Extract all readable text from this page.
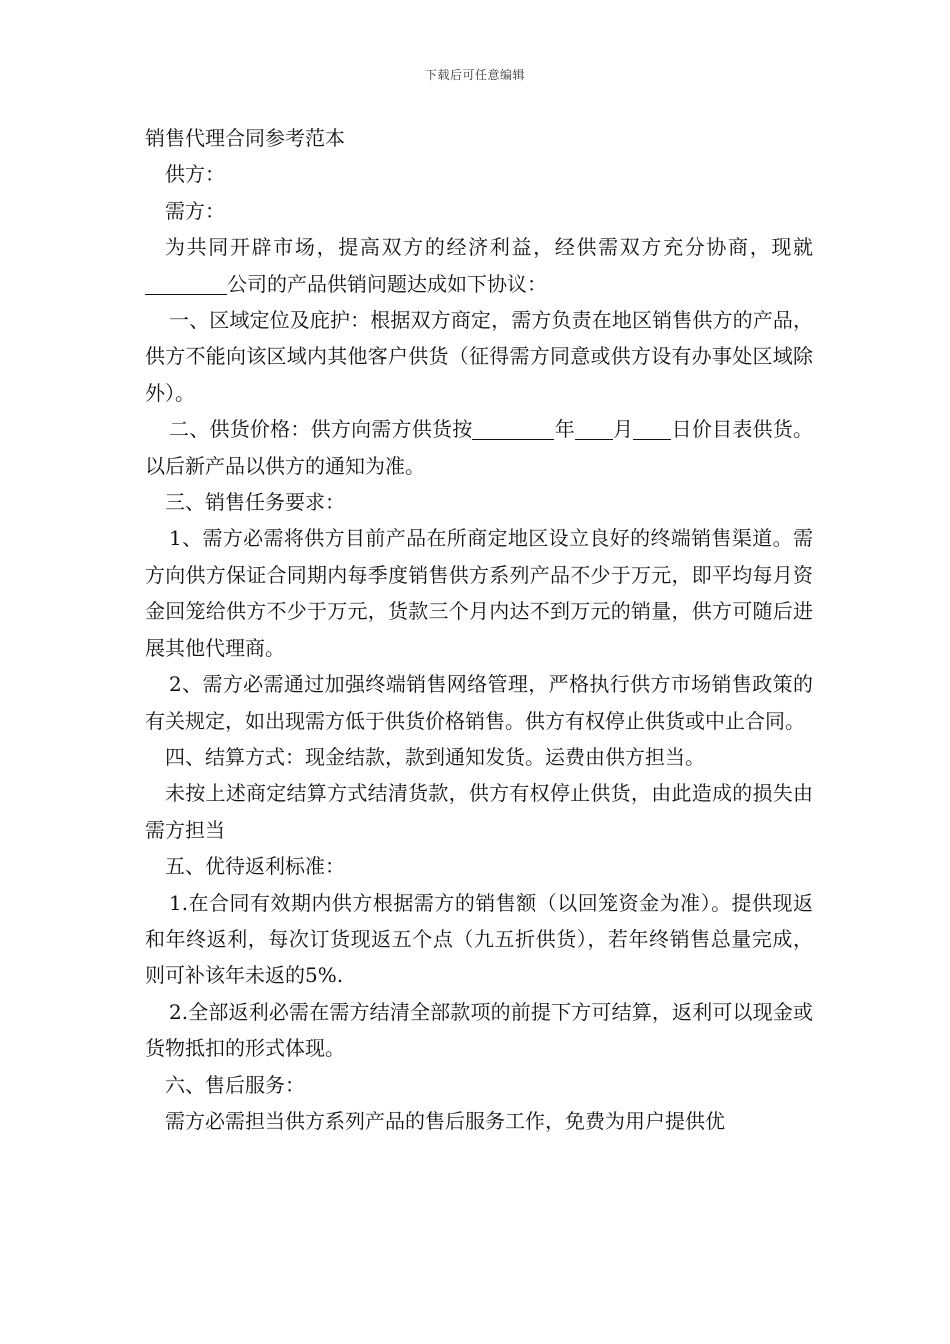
下载后可任意编辑

销售代理合同参考范本

供方：

需方：

为共同开辟市场，提高双方的经济利益，经供需双方充分协商，现就公司的产品供销问题达成如下协议：

一、区域定位及庇护：根据双方商定，需方负责在地区销售供方的产品，供方不能向该区域内其他客户供货（征得需方同意或供方设有办事处区域除外）。

二、供货价格：供方向需方供货按	年 月 日价目表供货。以后新产品以供方的通知为准。

三、销售任务要求：

1、需方必需将供方目前产品在所商定地区设立良好的终端销售渠道。需方向供方保证合同期内每季度销售供方系列产品不少于万元，即平均每月资金回笼给供方不少于万元，货款三个月内达不到万元的销量，供方可随后进展其他代理商。

2、需方必需通过加强终端销售网络管理，严格执行供方市场销售政策的有关规定，如出现需方低于供货价格销售。供方有权停止供货或中止合同。

四、结算方式：现金结款，款到通知发货。运费由供方担当。

未按上述商定结算方式结清货款，供方有权停止供货，由此造成的损失由需方担当

五、优待返利标准：

1.在合同有效期内供方根据需方的销售额（以回笼资金为准）。提供现返和年终返利，每次订货现返五个点（九五折供货），若年终销售总量完成，则可补该年未返的5%.

2.全部返利必需在需方结清全部款项的前提下方可结算，返利可以现金或货物抵扣的形式体现。

六、售后服务：

需方必需担当供方系列产品的售后服务工作，免费为用户提供优
